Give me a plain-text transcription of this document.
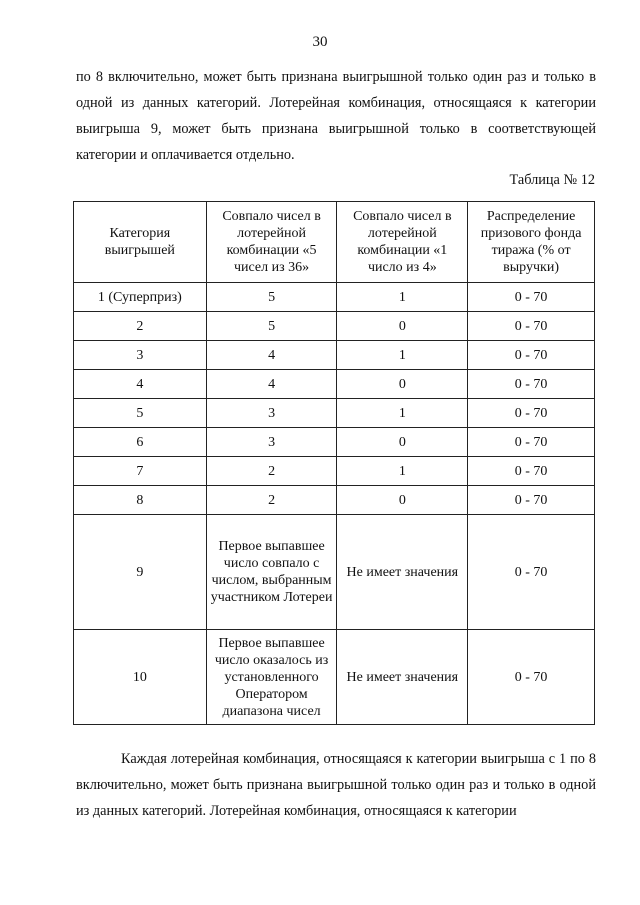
30

по 8 включительно, может быть признана выигрышной только один раз и только в одной из данных категорий. Лотерейная комбинация, относящаяся к категории выигрыша 9, может быть признана выигрышной только в соответствующей категории и оплачивается отдельно.

Таблица № 12
Категория выигрышей	Совпало чисел в лотерейной комбинации «5 чисел из 36»	Совпало чисел в лотерейной комбинации «1 число из 4»	Распределение призового фонда тиража (% от выручки)
1 (Суперприз)	5	1	0 - 70
2	5	0	0 - 70
3	4	1	0 - 70
4	4	0	0 - 70
5	3	1	0 - 70
6	3	0	0 - 70
7	2	1	0 - 70
8	2	0	0 - 70
9	Первое выпавшее число совпало с числом, выбранным участником Лотереи	Не имеет значения	0 - 70
10	Первое выпавшее число оказалось из установленного Оператором диапазона чисел	Не имеет значения	0 - 70

Каждая лотерейная комбинация, относящаяся к категории выигрыша с 1 по 8 включительно, может быть признана выигрышной только один раз и только в одной из данных категорий. Лотерейная комбинация, относящаяся к категории
